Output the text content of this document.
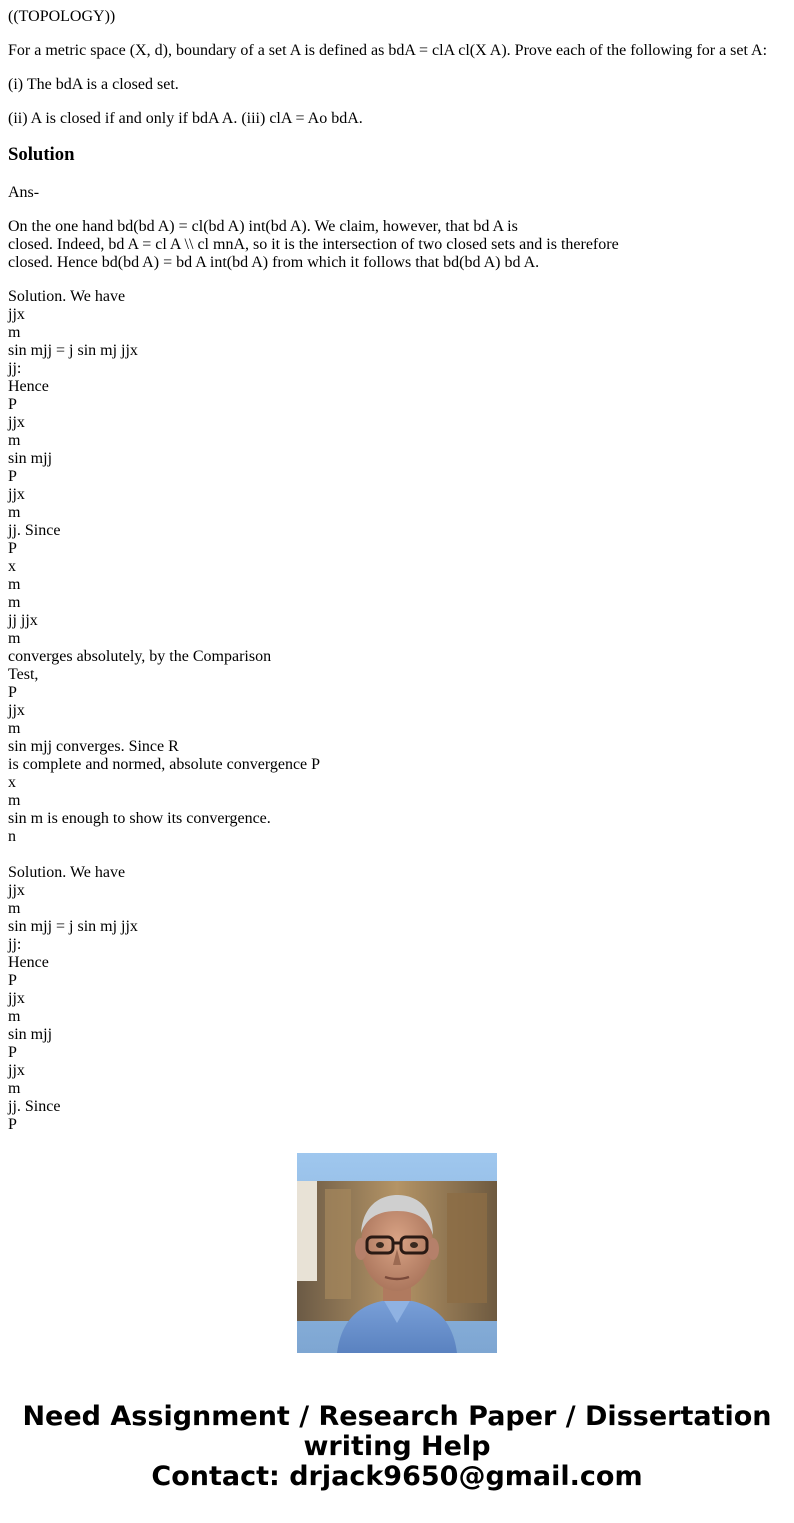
((TOPOLOGY))

For a metric space (X, d), boundary of a set A is defined as bdA = clA cl(X A). Prove each of the following for a set A:

(i) The bdA is a closed set.

(ii) A is closed if and only if bdA A. (iii) clA = Ao bdA.

Solution

Ans-

On the one hand bd(bd A) = cl(bd A) int(bd A). We claim, however, that bd A is
closed. Indeed, bd A = cl A \\ cl mnA, so it is the intersection of two closed sets and is therefore
closed. Hence bd(bd A) = bd A int(bd A) from which it follows that bd(bd A) bd A.
Solution. We have
jjx
m
sin mjj = j sin mj jjx
jj:
Hence
P
jjx
m
sin mjj
P
jjx
m
jj. Since
P
x
m
m
jj jjx
m
converges absolutely, by the Comparison
Test,
P
jjx
m
sin mjj converges. Since R
is complete and normed, absolute convergence P
x
m
sin m is enough to show its convergence.
n
Solution. We have
jjx
m
sin mjj = j sin mj jjx
jj:
Hence
P
jjx
m
sin mjj
P
jjx
m
jj. Since
P
Need Assignment / Research Paper / Dissertation
writing Help
Contact: drjack9650@gmail.com
